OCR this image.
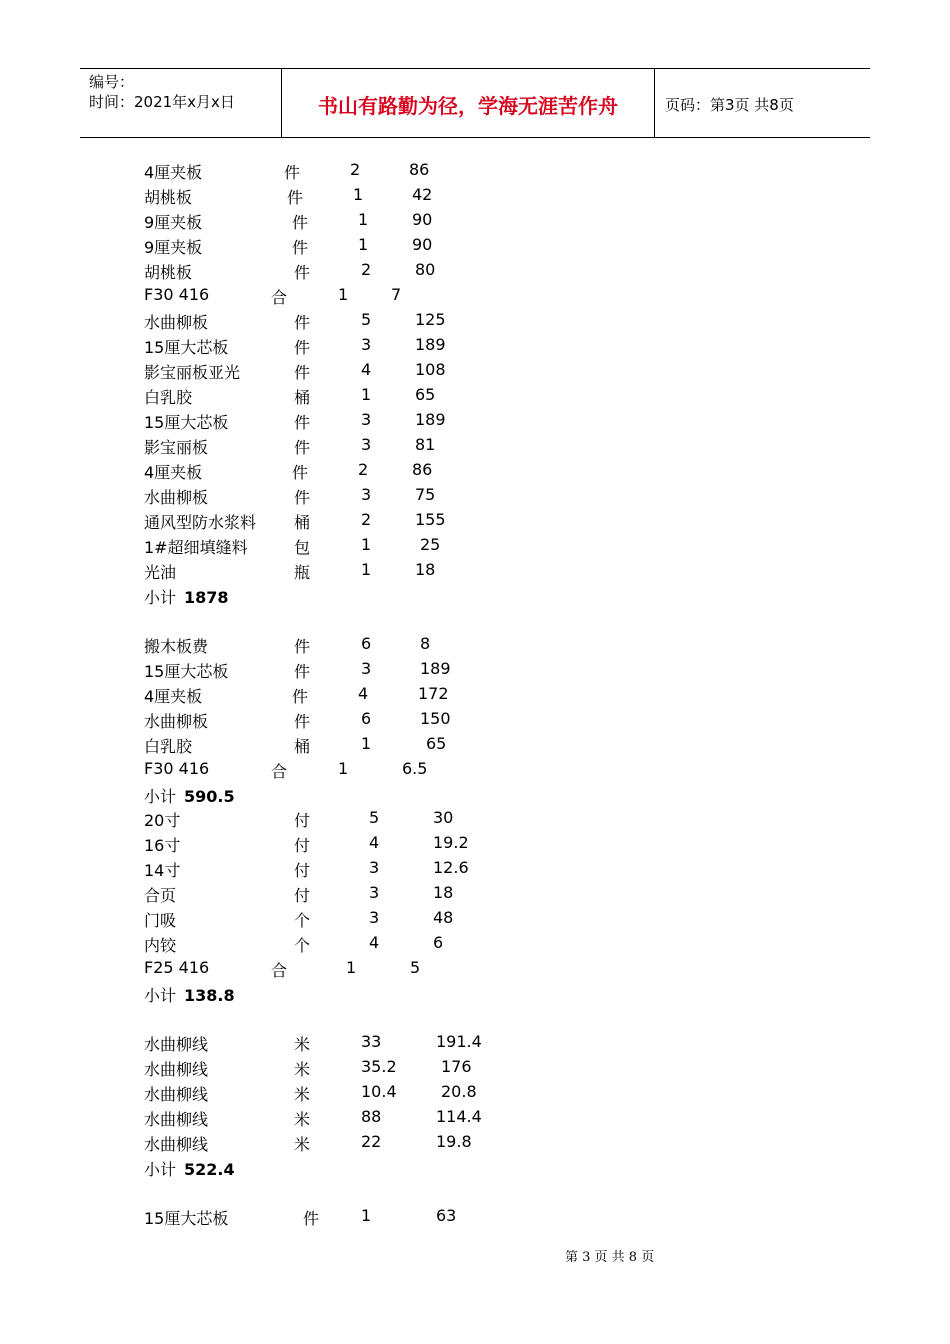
编号：
时间：2021年x月x日	书山有路勤为径，学海无涯苦作舟	页码：第3页 共8页
4厘夹板	件	2	86
胡桃板	件	1	42
9厘夹板	件	1	90
9厘夹板	件	1	90
胡桃板	件	2	80
F30 416	合	1	7
水曲柳板	件	5	125
15厘大芯板	件	3	189
影宝丽板亚光	件	4	108
白乳胶	桶	1	65
15厘大芯板	件	3	189
影宝丽板	件	3	81
4厘夹板	件	2	86
水曲柳板	件	3	75
通风型防水浆料 桶	2	155
1#超细填缝料	包	1	25
光油	瓶	1	18
小计 1878
搬木板费	件	6	8
15厘大芯板	件	3	189
4厘夹板	件	4	172
水曲柳板	件	6	150
白乳胶	桶	1	65
F30 416	合	1	6.5
小计 590.5
20寸	付	5	30
16寸	付	4	19.2
14寸	付	3	12.6
合页	付	3	18
门吸	个	3	48
内铰	个	4	6
F25 416	合	1	5
小计 138.8
水曲柳线	米	33	191.4
水曲柳线	米	35.2	176
水曲柳线	米	10.4	20.8
水曲柳线	米	88	114.4
水曲柳线	米	22	19.8
小计 522.4
15厘大芯板	件	1	63
第 3 页 共 8 页
